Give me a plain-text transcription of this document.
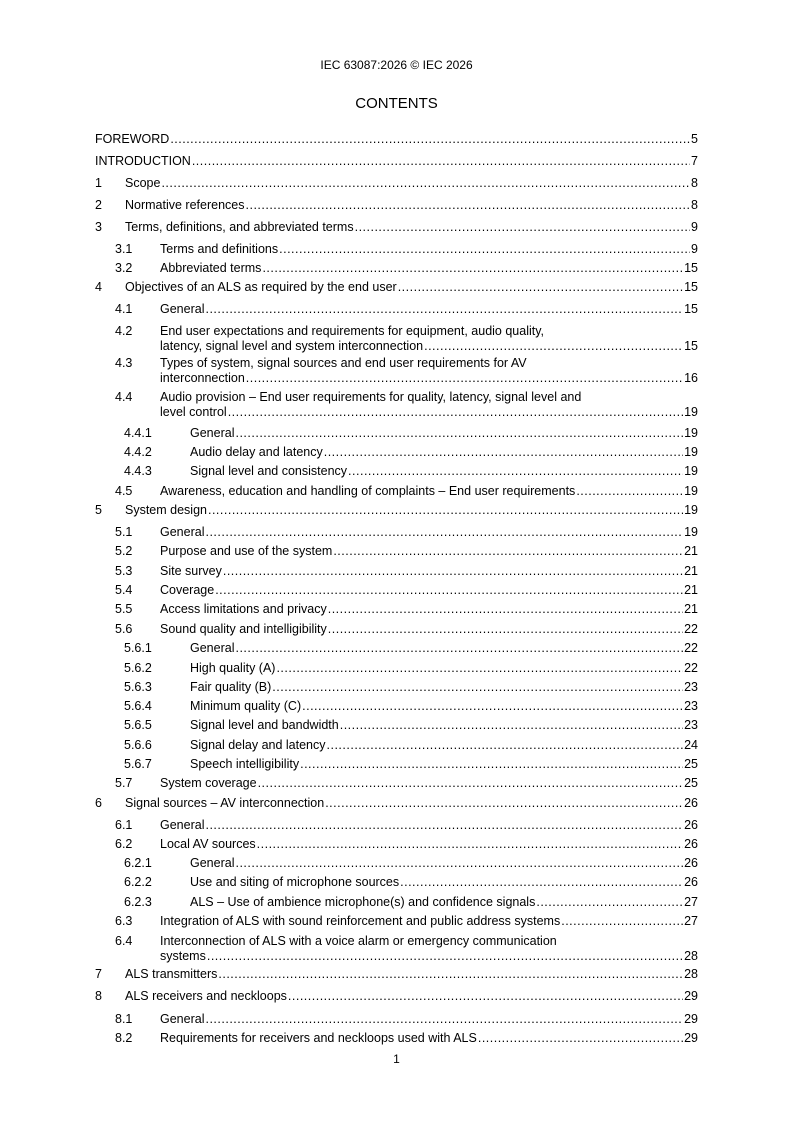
IEC 63087:2026 © IEC 2026
CONTENTS
FOREWORD .....	5
INTRODUCTION .....	7
1 Scope .....	8
2 Normative references .....	8
3 Terms, definitions, and abbreviated terms .....	9
3.1 Terms and definitions .....	9
3.2 Abbreviated terms .....	15
4 Objectives of an ALS as required by the end user .....	15
4.1 General .....	15
4.2 End user expectations and requirements for equipment, audio quality,
latency, signal level and system interconnection .....	15
4.3 Types of system, signal sources and end user requirements for AV
interconnection .....	16
4.4 Audio provision – End user requirements for quality, latency, signal level and
level control .....	19
4.4.1	General .....	19
4.4.2	Audio delay and latency .....	19
4.4.3	Signal level and consistency .....	19
4.5 Awareness, education and handling of complaints – End user requirements .....	19
5 System design .....	19
5.1 General .....	19
5.2 Purpose and use of the system .....	21
5.3 Site survey .....	21
5.4 Coverage .....	21
5.5 Access limitations and privacy .....	21
5.6 Sound quality and intelligibility .....	22
5.6.1	General .....	22
5.6.2	High quality (A) .....	22
5.6.3	Fair quality (B) .....	23
5.6.4	Minimum quality (C) .....	23
5.6.5	Signal level and bandwidth .....	23
5.6.6	Signal delay and latency .....	24
5.6.7	Speech intelligibility .....	25
5.7 System coverage .....	25
6 Signal sources – AV interconnection .....	26
6.1 General .....	26
6.2 Local AV sources .....	26
6.2.1	General .....	26
6.2.2	Use and siting of microphone sources .....	26
6.2.3	ALS – Use of ambience microphone(s) and confidence signals .....	27
6.3 Integration of ALS with sound reinforcement and public address systems .....	27
6.4 Interconnection of ALS with a voice alarm or emergency communication
systems .....	28
7 ALS transmitters .....	28
8 ALS receivers and neckloops .....	29
8.1 General .....	29
8.2 Requirements for receivers and neckloops used with ALS .....	29
1
